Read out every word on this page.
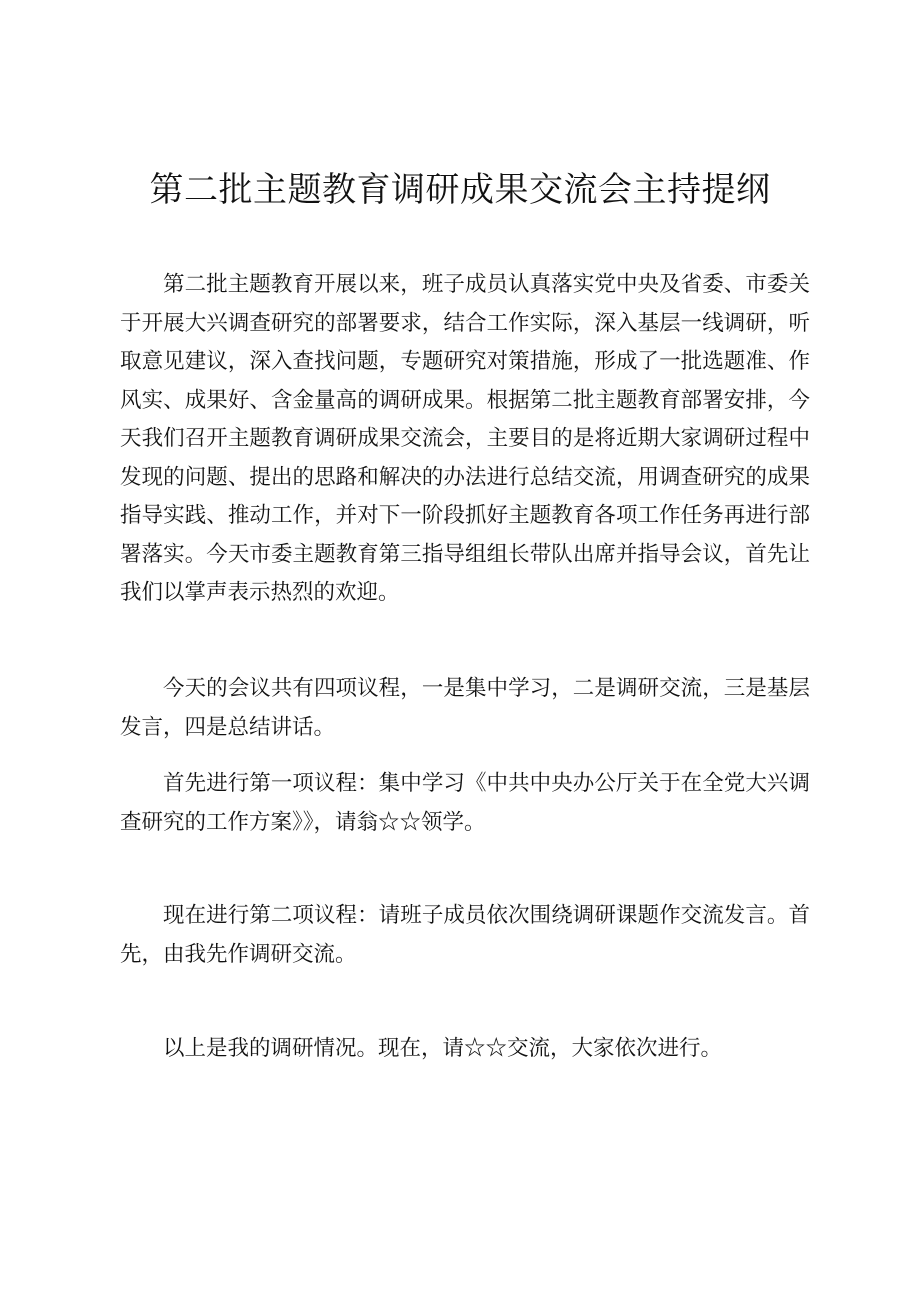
第二批主题教育调研成果交流会主持提纲

第二批主题教育开展以来，班子成员认真落实党中央及省委、市委关于开展大兴调查研究的部署要求，结合工作实际，深入基层一线调研，听取意见建议，深入查找问题，专题研究对策措施，形成了一批选题准、作风实、成果好、含金量高的调研成果。根据第二批主题教育部署安排，今天我们召开主题教育调研成果交流会，主要目的是将近期大家调研过程中发现的问题、提出的思路和解决的办法进行总结交流，用调查研究的成果指导实践、推动工作，并对下一阶段抓好主题教育各项工作任务再进行部署落实。今天市委主题教育第三指导组组长带队出席并指导会议，首先让我们以掌声表示热烈的欢迎。

今天的会议共有四项议程，一是集中学习，二是调研交流，三是基层发言，四是总结讲话。

首先进行第一项议程：集中学习《中共中央办公厅关于在全党大兴调查研究的工作方案》》，请翁☆☆领学。

现在进行第二项议程：请班子成员依次围绕调研课题作交流发言。首先，由我先作调研交流。

以上是我的调研情况。现在，请☆☆交流，大家依次进行。
